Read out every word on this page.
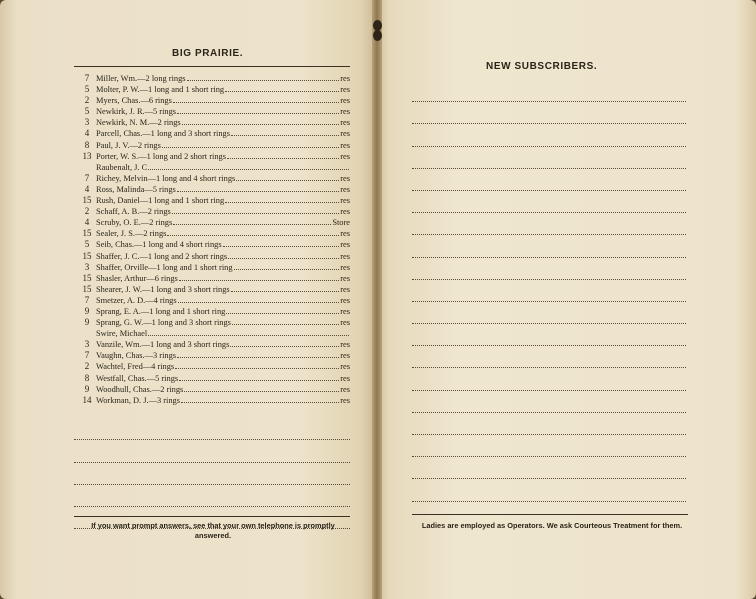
BIG PRAIRIE.
7 Miller, Wm. —2 long rings	res
5 Molter, P. W. —1 long and 1 short ring	res
2 Myers, Chas. —6 rings	res
5 Newkirk, J. R. —5 rings	res
3 Newkirk, N. M. —2 rings	res
4 Parcell, Chas. —1 long and 3 short rings	res
8 Paul, J. V. —2 rings	res
13 Porter, W. S. —1 long and 2 short rings	res
Raubenalt, J. C
7 Richey, Melvin —1 long and 4 short rings	res
4 Ross, Malinda —5 rings	res
15 Rush, Daniel —1 long and 1 short ring	res
2 Schaff, A. B. —2 rings	res
4 Scruby, O. E. —2 rings	Store
15 Sealer, J. S. —2 rings	res
5 Seib, Chas. —1 long and 4 short rings	res
15 Shaffer, J. C. —1 long and 2 short rings	res
3 Shaffer, Orville —1 long and 1 short ring	res
15 Shasler, Arthur —6 rings	res
15 Shearer, J. W. —1 long and 3 short rings	res
7 Smetzer, A. D. —4 rings	res
9 Sprang, E. A. —1 long and 1 short ring	res
9 Sprang, G. W. —1 long and 3 short rings	res
Swire, Michael
3 Vanzile, Wm. —1 long and 3 short rings	res
7 Vaughn, Chas. —3 rings	res
2 Wachtel, Fred —4 rings	res
8 Westfall, Chas. —5 rings	res
9 Woodhull, Chas. —2 rings	res
14 Workman, D. J. —3 rings	res
If you want prompt answers, see that your own telephone is promptly answered.
NEW SUBSCRIBERS.
Ladies are employed as Operators. We ask Courteous Treatment for them.
